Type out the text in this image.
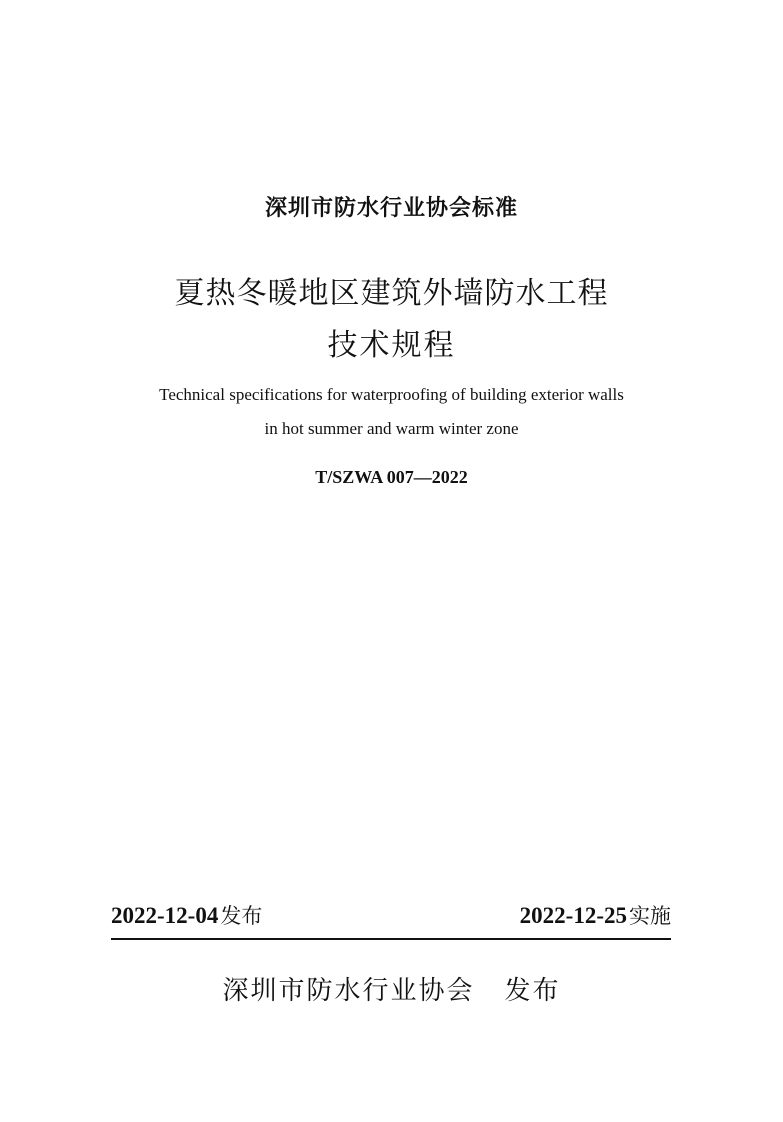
深圳市防水行业协会标准
夏热冬暖地区建筑外墙防水工程
技术规程
Technical specifications for waterproofing of building exterior walls
in hot summer and warm winter zone
T/SZWA 007—2022
2022-12-04发布	2022-12-25实施
深圳市防水行业协会 发布
